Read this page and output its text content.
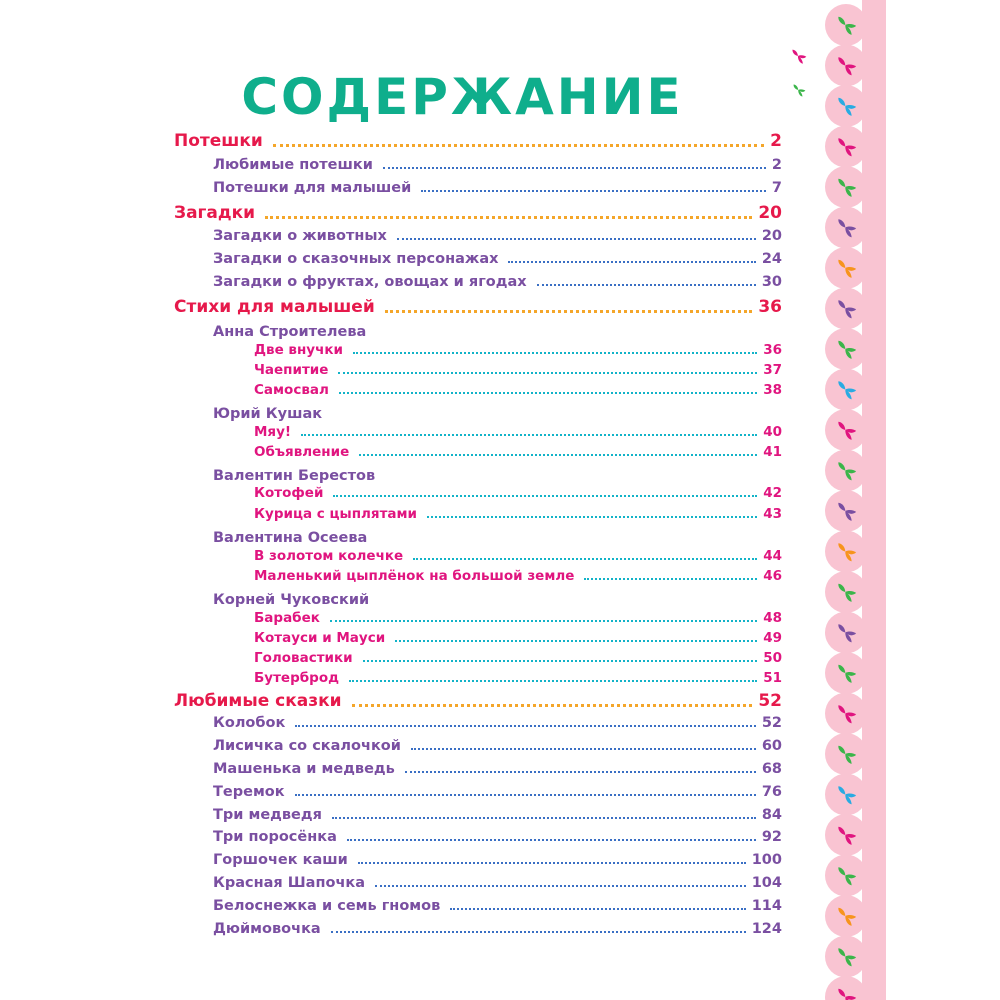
СОДЕРЖАНИЕ
Потешки	2
Любимые потешки	2
Потешки для малышей	7
Загадки	20
Загадки о животных	20
Загадки о сказочных персонажах	24
Загадки о фруктах, овощах и ягодах	30
Стихи для малышей	36
Анна Строителева
Две внучки	36
Чаепитие	37
Самосвал	38
Юрий Кушак
Мяу!	40
Объявление	41
Валентин Берестов
Котофей	42
Курица с цыплятами	43
Валентина Осеева
В золотом колечке	44
Маленький цыплёнок на большой земле	46
Корней Чуковский
Барабек	48
Котауси и Мауси	49
Головастики	50
Бутерброд	51
Любимые сказки	52
Колобок	52
Лисичка со скалочкой	60
Машенька и медведь	68
Теремок	76
Три медведя	84
Три поросёнка	92
Горшочек каши	100
Красная Шапочка	104
Белоснежка и семь гномов	114
Дюймовочка	124
